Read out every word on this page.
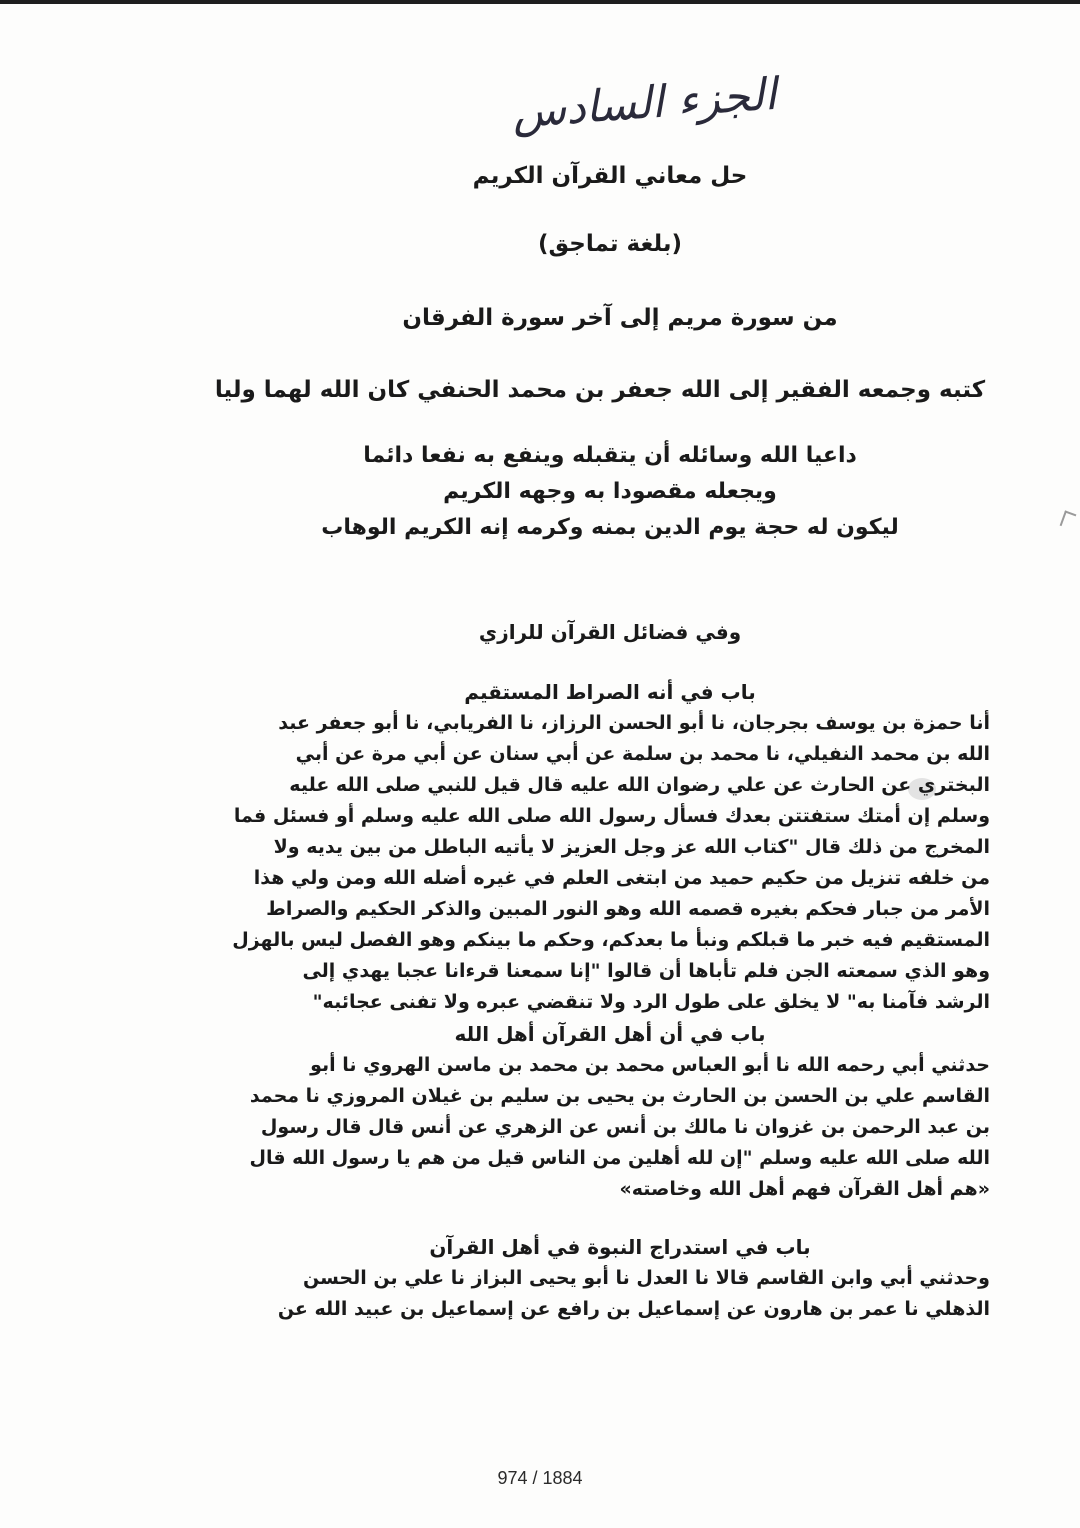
الجزء السادس
حل معاني القرآن الكريم
(بلغة تماجق)
من سورة مريم إلى آخر سورة الفرقان
كتبه وجمعه الفقير إلى الله جعفر بن محمد الحنفي كان الله لهما وليا
داعيا الله وسائله أن يتقبله وينفع به نفعا دائما
ويجعله مقصودا به وجهه الكريم
ليكون له حجة يوم الدين بمنه وكرمه إنه الكريم الوهاب
وفي فضائل القرآن للرازي
باب في أنه الصراط المستقيم
أنا حمزة بن يوسف بجرجان، نا أبو الحسن الرزاز، نا الفريابي، نا أبو جعفر عبد
الله بن محمد النفيلي، نا محمد بن سلمة عن أبي سنان عن أبي مرة عن أبي
البختري عن الحارث عن علي رضوان الله عليه قال قيل للنبي صلى الله عليه
وسلم إن أمتك ستفتتن بعدك فسأل رسول الله صلى الله عليه وسلم أو فسئل فما
المخرج من ذلك قال "كتاب الله عز وجل العزيز لا يأتيه الباطل من بين يديه ولا
من خلفه تنزيل من حكيم حميد من ابتغى العلم في غيره أضله الله ومن ولي هذا
الأمر من جبار فحكم بغيره قصمه الله وهو النور المبين والذكر الحكيم والصراط
المستقيم فيه خبر ما قبلكم ونبأ ما بعدكم، وحكم ما بينكم وهو الفصل ليس بالهزل
وهو الذي سمعته الجن فلم تأباها أن قالوا "إنا سمعنا قرءانا عجبا يهدي إلى
الرشد فآمنا به" لا يخلق على طول الرد ولا تنقضي عبره ولا تفنى عجائبه"
باب في أن أهل القرآن أهل الله
حدثني أبي رحمه الله نا أبو العباس محمد بن محمد بن ماسن الهروي نا أبو
القاسم علي بن الحسن بن الحارث بن يحيى بن سليم بن غيلان المروزي نا محمد
بن عبد الرحمن بن غزوان نا مالك بن أنس عن الزهري عن أنس قال قال رسول
الله صلى الله عليه وسلم "إن لله أهلين من الناس قيل من هم يا رسول الله قال
«هم أهل القرآن فهم أهل الله وخاصته»
باب في استدراج النبوة في أهل القرآن
وحدثني أبي وابن القاسم قالا نا العدل نا أبو يحيى البزاز نا علي بن الحسن
الذهلي نا عمر بن هارون عن إسماعيل بن رافع عن إسماعيل بن عبيد الله عن
974 / 1884
